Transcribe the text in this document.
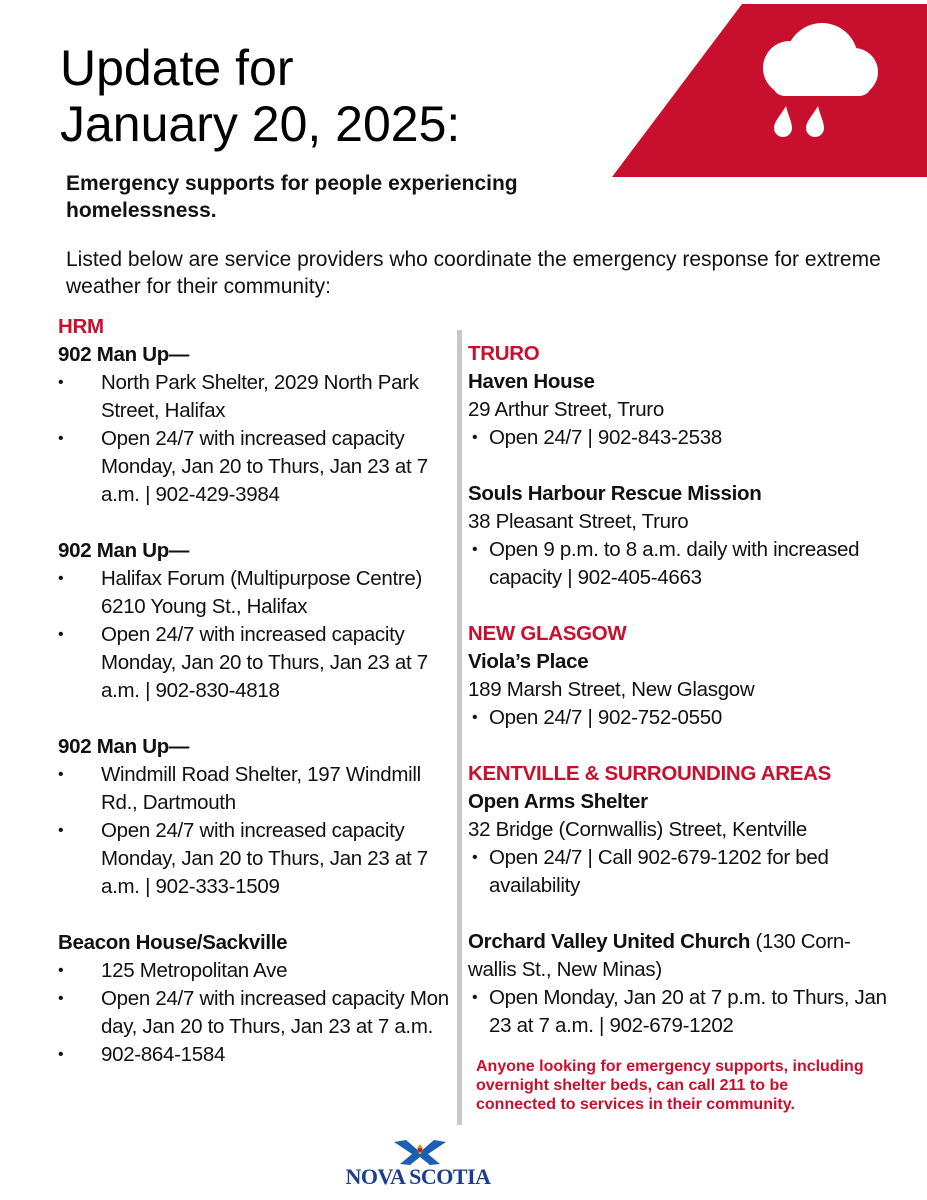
Update for
January 20, 2025:
Emergency supports for people experiencing homelessness.
Listed below are service providers who coordinate the emergency response for extreme weather for their community:
HRM
902 Man Up—
• North Park Shelter, 2029 North Park Street, Halifax
• Open 24/7 with increased capacity Monday, Jan 20 to Thurs, Jan 23 at 7 a.m. | 902-429-3984
902 Man Up—
• Halifax Forum (Multipurpose Centre) 6210 Young St., Halifax
• Open 24/7 with increased capacity Monday, Jan 20 to Thurs, Jan 23 at 7 a.m. | 902-830-4818
902 Man Up—
• Windmill Road Shelter, 197 Windmill Rd., Dartmouth
• Open 24/7 with increased capacity Monday, Jan 20 to Thurs, Jan 23 at 7 a.m. | 902-333-1509
Beacon House/Sackville
• 125 Metropolitan Ave
• Open 24/7 with increased capacity Mon day, Jan 20 to Thurs, Jan 23 at 7 a.m.
• 902-864-1584
TRURO
Haven House
29 Arthur Street, Truro
• Open 24/7 | 902-843-2538
Souls Harbour Rescue Mission
38 Pleasant Street, Truro
• Open 9 p.m. to 8 a.m. daily with increased capacity | 902-405-4663
NEW GLASGOW
Viola’s Place
189 Marsh Street, New Glasgow
• Open 24/7 | 902-752-0550
KENTVILLE & SURROUNDING AREAS
Open Arms Shelter
32 Bridge (Cornwallis) Street, Kentville
• Open 24/7 | Call 902-679-1202 for bed availability
Orchard Valley United Church (130 Corn-wallis St., New Minas)
• Open Monday, Jan 20 at 7 p.m. to Thurs, Jan 23 at 7 a.m. | 902-679-1202
Anyone looking for emergency supports, including overnight shelter beds, can call 211 to be connected to services in their community.
NOVA SCOTIA
